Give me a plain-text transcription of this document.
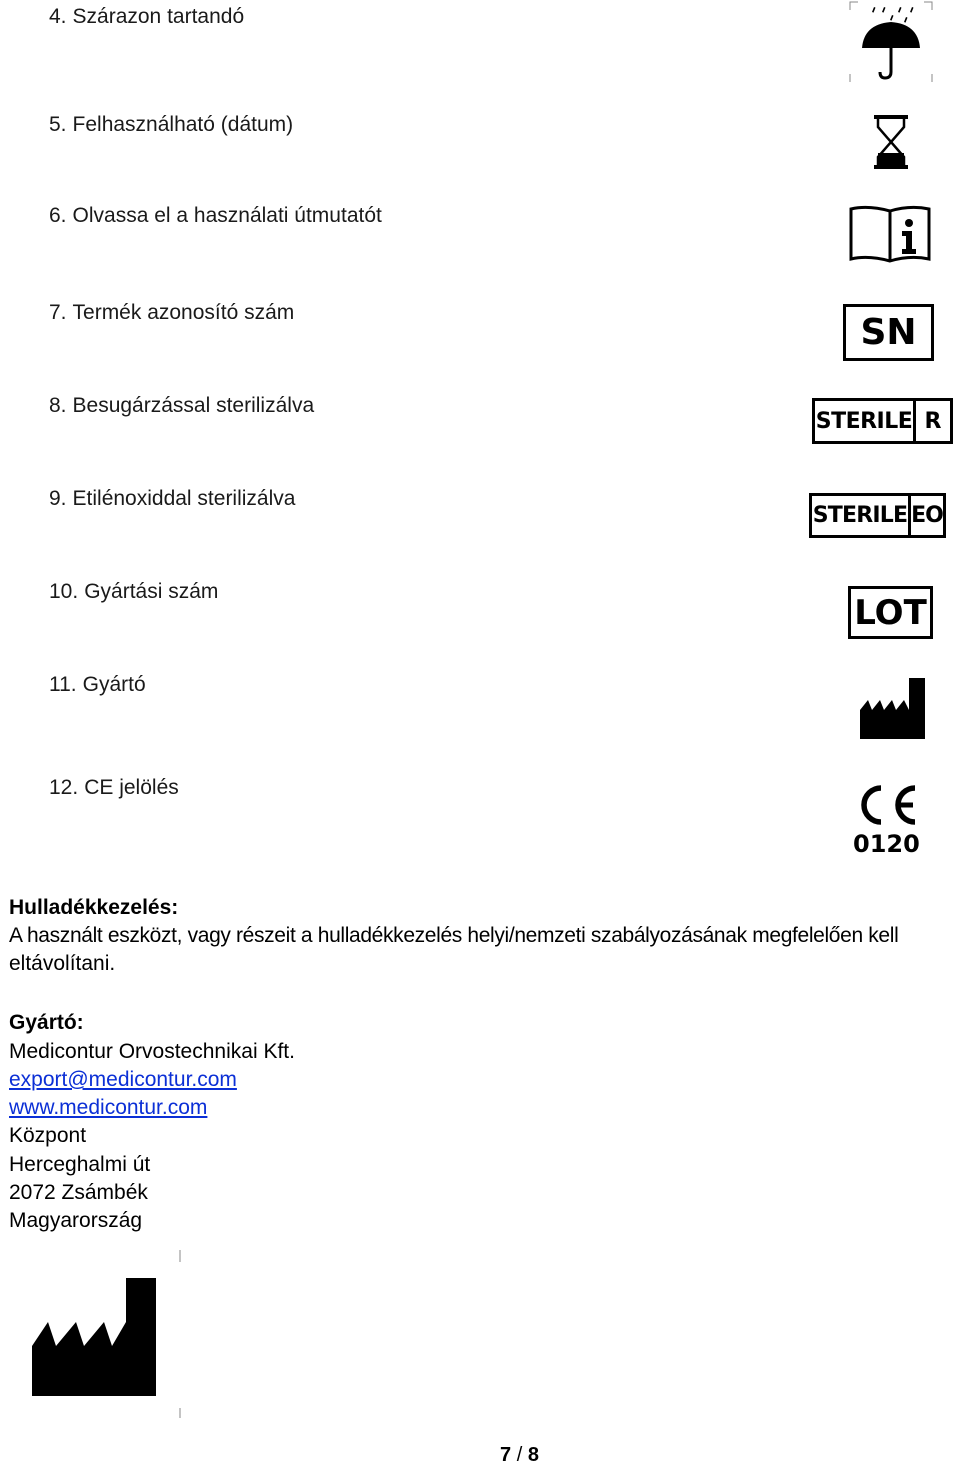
4. Szárazon tartandó
5. Felhasználható (dátum)
6. Olvassa el a használati útmutatót
7. Termék azonosító szám
8. Besugárzással sterilizálva
9. Etilénoxiddal sterilizálva
10. Gyártási szám
11. Gyártó
12. CE jelölés
SN
STERILE R
STERILE EO
LOT
0120
Hulladékkezelés:
A használt eszközt, vagy részeit a hulladékkezelés helyi/nemzeti szabályozásának megfelelően kell
eltávolítani.
Gyártó:
Medicontur Orvostechnikai Kft.
export@medicontur.com
www.medicontur.com
Központ
Herceghalmi út
2072 Zsámbék
Magyarország
7 / 8
